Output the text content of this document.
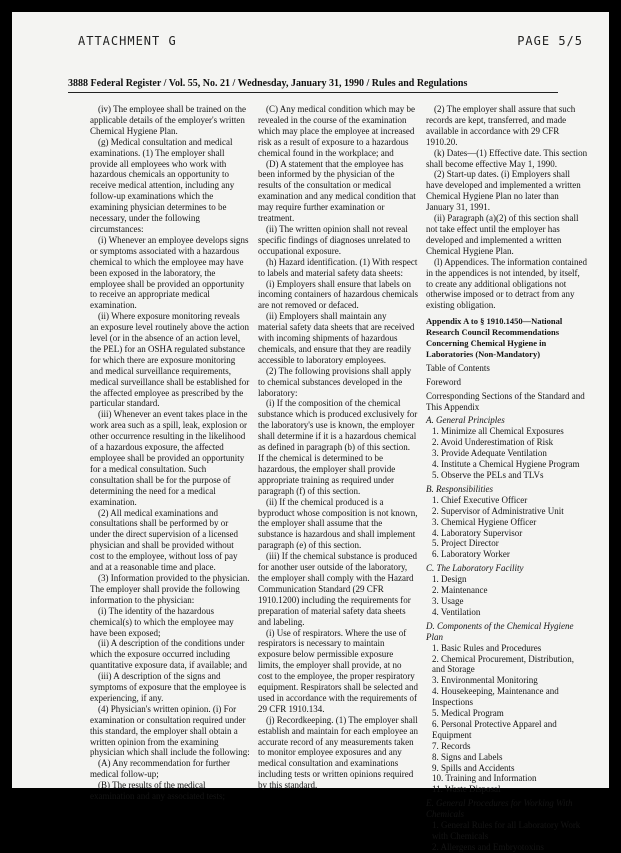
ATTACHMENT G	PAGE 5/5
3888 Federal Register / Vol. 55, No. 21 / Wednesday, January 31, 1990 / Rules and Regulations

(iv) The employee shall be trained on the applicable details of the employer's written Chemical Hygiene Plan.

(g) Medical consultation and medical examinations. (1) The employer shall provide all employees who work with hazardous chemicals an opportunity to receive medical attention, including any follow-up examinations which the examining physician determines to be necessary, under the following circumstances:

(i) Whenever an employee develops signs or symptoms associated with a hazardous chemical to which the employee may have been exposed in the laboratory, the employee shall be provided an opportunity to receive an appropriate medical examination.

(ii) Where exposure monitoring reveals an exposure level routinely above the action level (or in the absence of an action level, the PEL) for an OSHA regulated substance for which there are exposure monitoring and medical surveillance requirements, medical surveillance shall be established for the affected employee as prescribed by the particular standard.

(iii) Whenever an event takes place in the work area such as a spill, leak, explosion or other occurrence resulting in the likelihood of a hazardous exposure, the affected employee shall be provided an opportunity for a medical consultation. Such consultation shall be for the purpose of determining the need for a medical examination.

(2) All medical examinations and consultations shall be performed by or under the direct supervision of a licensed physician and shall be provided without cost to the employee, without loss of pay and at a reasonable time and place.

(3) Information provided to the physician. The employer shall provide the following information to the physician:

(i) The identity of the hazardous chemical(s) to which the employee may have been exposed;

(ii) A description of the conditions under which the exposure occurred including quantitative exposure data, if available; and

(iii) A description of the signs and symptoms of exposure that the employee is experiencing, if any.

(4) Physician's written opinion. (i) For examination or consultation required under this standard, the employer shall obtain a written opinion from the examining physician which shall include the following:

(A) Any recommendation for further medical follow-up;

(B) The results of the medical examination and any associated tests;

(C) Any medical condition which may be revealed in the course of the examination which may place the employee at increased risk as a result of exposure to a hazardous chemical found in the workplace; and

(D) A statement that the employee has been informed by the physician of the results of the consultation or medical examination and any medical condition that may require further examination or treatment.

(ii) The written opinion shall not reveal specific findings of diagnoses unrelated to occupational exposure.

(h) Hazard identification. (1) With respect to labels and material safety data sheets:

(i) Employers shall ensure that labels on incoming containers of hazardous chemicals are not removed or defaced.

(ii) Employers shall maintain any material safety data sheets that are received with incoming shipments of hazardous chemicals, and ensure that they are readily accessible to laboratory employees.

(2) The following provisions shall apply to chemical substances developed in the laboratory:

(i) If the composition of the chemical substance which is produced exclusively for the laboratory's use is known, the employer shall determine if it is a hazardous chemical as defined in paragraph (b) of this section. If the chemical is determined to be hazardous, the employer shall provide appropriate training as required under paragraph (f) of this section.

(ii) If the chemical produced is a byproduct whose composition is not known, the employer shall assume that the substance is hazardous and shall implement paragraph (e) of this section.

(iii) If the chemical substance is produced for another user outside of the laboratory, the employer shall comply with the Hazard Communication Standard (29 CFR 1910.1200) including the requirements for preparation of material safety data sheets and labeling.

(i) Use of respirators. Where the use of respirators is necessary to maintain exposure below permissible exposure limits, the employer shall provide, at no cost to the employee, the proper respiratory equipment. Respirators shall be selected and used in accordance with the requirements of 29 CFR 1910.134.

(j) Recordkeeping. (1) The employer shall establish and maintain for each employee an accurate record of any measurements taken to monitor employee exposures and any medical consultation and examinations including tests or written opinions required by this standard.

(2) The employer shall assure that such records are kept, transferred, and made available in accordance with 29 CFR 1910.20.

(k) Dates—(1) Effective date. This section shall become effective May 1, 1990.

(2) Start-up dates. (i) Employers shall have developed and implemented a written Chemical Hygiene Plan no later than January 31, 1991.

(ii) Paragraph (a)(2) of this section shall not take effect until the employer has developed and implemented a written Chemical Hygiene Plan.

(l) Appendices. The information contained in the appendices is not intended, by itself, to create any additional obligations not otherwise imposed or to detract from any existing obligation.

Appendix A to § 1910.1450—National Research Council Recommendations Concerning Chemical Hygiene in Laboratories (Non-Mandatory)

Table of Contents

Foreword

Corresponding Sections of the Standard and This Appendix

A. General Principles

1. Minimize all Chemical Exposures

2. Avoid Underestimation of Risk

3. Provide Adequate Ventilation

4. Institute a Chemical Hygiene Program

5. Observe the PELs and TLVs

B. Responsibilities

1. Chief Executive Officer

2. Supervisor of Administrative Unit

3. Chemical Hygiene Officer

4. Laboratory Supervisor

5. Project Director

6. Laboratory Worker

C. The Laboratory Facility

1. Design

2. Maintenance

3. Usage

4. Ventilation

D. Components of the Chemical Hygiene Plan

1. Basic Rules and Procedures

2. Chemical Procurement, Distribution, and Storage

3. Environmental Monitoring

4. Housekeeping, Maintenance and Inspections

5. Medical Program

6. Personal Protective Apparel and Equipment

7. Records

8. Signs and Labels

9. Spills and Accidents

10. Training and Information

11. Waste Disposal

E. General Procedures for Working With Chemicals

1. General Rules for all Laboratory Work with Chemicals

2. Allergens and Embryotoxins
